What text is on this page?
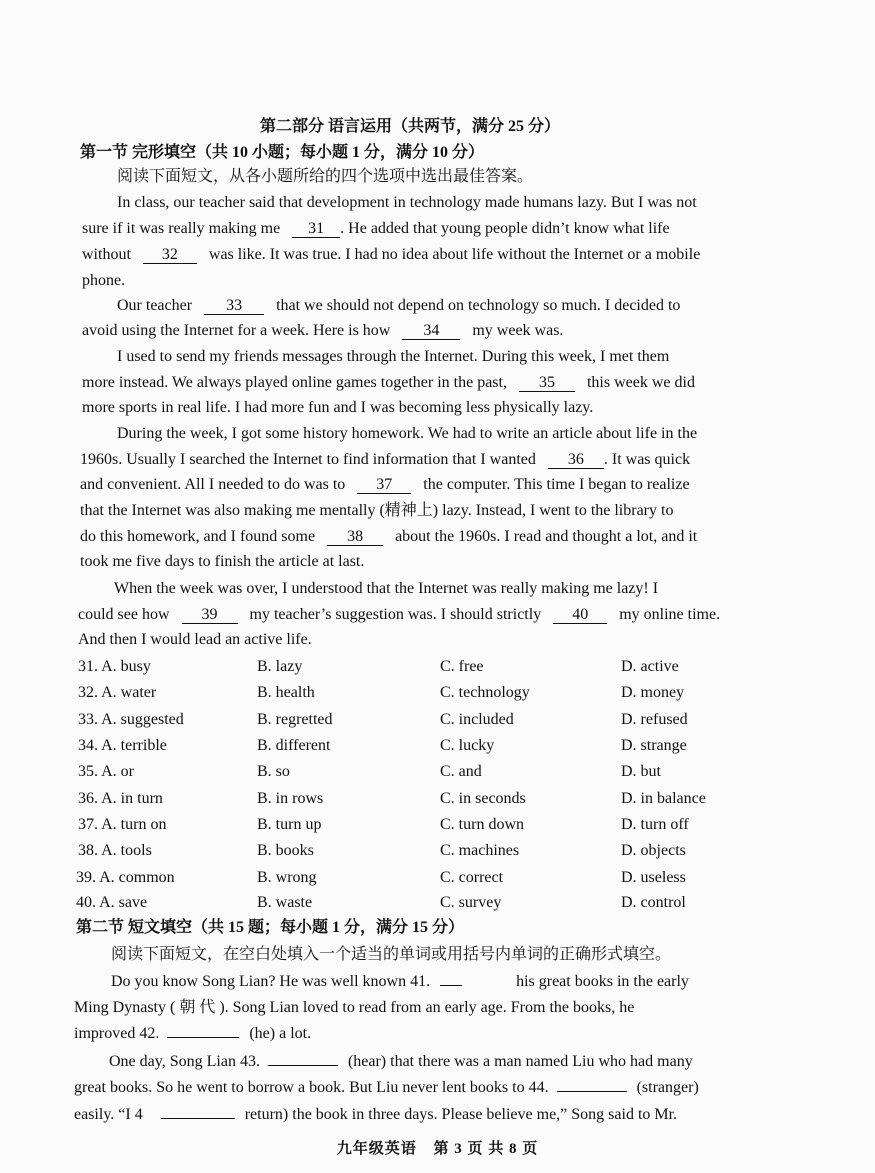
第二部分 语言运用（共两节，满分 25 分）
第一节 完形填空（共 10 小题；每小题 1 分，满分 10 分）
阅读下面短文，从各小题所给的四个选项中选出最佳答案。
In class, our teacher said that development in technology made humans lazy. But I was not
sure if it was really making me 31 . He added that young people didn’t know what life
without 32 was like. It was true. I had no idea about life without the Internet or a mobile
phone.
Our teacher 33 that we should not depend on technology so much. I decided to
avoid using the Internet for a week. Here is how 34 my week was.
I used to send my friends messages through the Internet. During this week, I met them
more instead. We always played online games together in the past, 35 this week we did
more sports in real life. I had more fun and I was becoming less physically lazy.
During the week, I got some history homework. We had to write an article about life in the
1960s. Usually I searched the Internet to find information that I wanted 36 . It was quick
and convenient. All I needed to do was to 37 the computer. This time I began to realize
that the Internet was also making me mentally (精神上) lazy. Instead, I went to the library to
do this homework, and I found some 38 about the 1960s. I read and thought a lot, and it
took me five days to finish the article at last.
When the week was over, I understood that the Internet was really making me lazy! I
could see how 39 my teacher’s suggestion was. I should strictly 40 my online time.
And then I would lead an active life.
31. A. busy	B. lazy	C. free	D. active
32. A. water	B. health	C. technology	D. money
33. A. suggested	B. regretted	C. included	D. refused
34. A. terrible	B. different	C. lucky	D. strange
35. A. or	B. so	C. and	D. but
36. A. in turn	B. in rows	C. in seconds	D. in balance
37. A. turn on	B. turn up	C. turn down	D. turn off
38. A. tools	B. books	C. machines	D. objects
39. A. common	B. wrong	C. correct	D. useless
40. A. save	B. waste	C. survey	D. control
第二节 短文填空（共 15 题；每小题 1 分，满分 15 分）
阅读下面短文，在空白处填入一个适当的单词或用括号内单词的正确形式填空。
Do you know Song Lian? He was well known 41.	his great books in the early
Ming Dynasty ( 朝 代 ). Song Lian loved to read from an early age. From the books, he
improved 42.	(he) a lot.
One day, Song Lian 43.	(hear) that there was a man named Liu who had many
great books. So he went to borrow a book. But Liu never lent books to 44.	(stranger)
easily. “I 4	return) the book in three days. Please believe me,” Song said to Mr.
九年级英语 第 3 页 共 8 页
